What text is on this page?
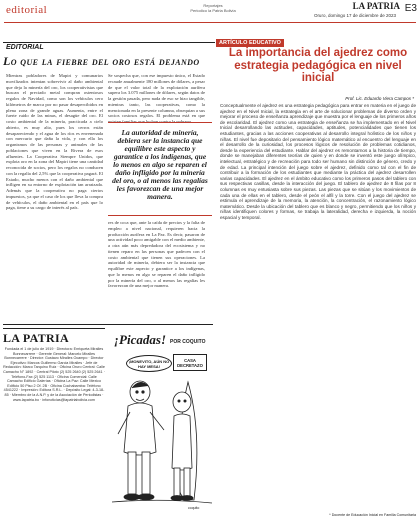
editorial	Reportajes
Periodico la Patria Bolivia	LA PATRIA
Oruro, domingo 17 de diciembre de 2023
E3
EDITORIAL
Lo que la fiebre del oro está dejando
Mientras pobladores de Mapiri y comunarios movilizados intentan sobrevivir al daño ambiental que deja la minería del oro, los cooperativistas que buscan el preciado metal compran ostentosos regalos de Navidad, como son los vehículos cero kilómetros de marca por no pasar desapercibidos en plena zona de grande aguas. Aumenta, entre el fuerte ruido de las minas, el desagüe del oro. El costo ambiental de la minería, practicada a cielo abierto, es muy alto, pues los cerros están desapareciendo y el agua de los ríos es envenenada con mercurio que daña la vida, y con ella los organismos de las personas y animales de las poblaciones que viven en la Rivera de esos afluentes. La Cooperativa Siempre Unidos, que explota oro en la zona del Mapiri tiene una cantidad reconocida de socios, pero los regalos no conducen con la regalía del 2,5% que la cooperativa pagará. El Estado, mucho menos con el daño ambiental que infligen en su entorno de explotación tan arraizada. Además que la cooperativa no paga ciertos impuestos, ya que el caso de los que lleva la compra de vehículos, el daño ambiental en el país que lo paga, tiene a su cargo de interés al país.
Se sospecha que, con ese impuesto único, el Estado recaude anualmente 180 millones de dólares, a pesar de que el valor total de la explotación aurífera supera los 3.075 millones de dólares, según datos de la gestión pasada, pero nada de eso se hizo tangible, mientras tanto, las cooperativas, como la mencionada en la presente columna, obsequian a sus socios costosos regalos. El problema está en que
La autoridad de minería, debiera ser la instancia que equilibre este aspecto y garantice a los indígenas, que lo menos en algo se reparen el daño infligido por la minería del oro, o al menos las regalías les favorezcan de una mejor manera.
res de coca que, ante la caída de precios y la falta de empleo a nivel nacional, requieren hacia la producción aurífera en La Paz. Es decir, pasaron de una actividad poco amigable con el medio ambiente, a otra aún más depredadora del ecosistema y no tienen reparo en las personas que padecen con el costo ambiental que tienen sus operaciones. La autoridad de minería, debiera ser la instancia que equilibre este aspecto y garantice a los indígenas, que lo menos en algo se reparen el daño infligido por la minería del oro, o al menos las regalías les favorezcan de una mejor manera.
ARTÍCULO EDUCATIVO
La importancia del ajedrez como estrategia pedagógica en nivel inicial
Prof. Lic. Eduardo Viera Campos *
Conceptualmente el ajedrez es una estrategia pedagógica para entrar en materia en el juego de ajedrez en el Nivel Inicial, la estrategia en el arte de solucionar problemas de diverso orden y mejorar el proceso de enseñanza aprendizaje que muestra por el lenguaje de los primeros años de escolaridad. El ajedrez como una estrategia de enseñanza se ha implementado en el Nivel Inicial desarrollando las actitudes, capacidades, aptitudes, potencialidades que tienen los estudiantes, gracias a las acciones cooperativas al desarrollo integral holístico de los niños y niñas. El nivel fue depositario del pensamiento lógico matemático al encuentro del lenguaje en el desarrollo de la curiosidad, los procesos lógicos de resolución de problemas cotidianos, desde la experiencia del estudiante. Hablar del ajedrez es remontarnos a la historia de tiempo, donde se manejaban diferentes teorías de quien y en donde se inventó este juego olímpico, intelectual, estratégico y de recreación para todo ser humano sin distinción de género, credo y de edad. La principal intención del juego sobre el ajedrez, definido como tal con el fin de contribuir a la formación de los estudiantes que mediante la práctica del ajedrez desarrollen varias capacidades. El ajedrez en el ámbito educativo como los primeros pasos del tablero con sus respectivas casillas, desde la interacción del juego. El tablero de ajedrez de 8 filas por 8 columnas es muy entusiasta sobre sus piezas. Las piezas que se sitúan y los movimientos de cada una de ellas en el tablero, desde el peón el alfil y la torre. Con el juego del ajedrez se estimula el aprendizaje de la memoria, la atención, la concentración, el razonamiento lógico matemático. Desde la ubicación del tablero que es blanco y negro, permitiendo que los niños y niñas identifiquen colores y formas, se trabaja la lateralidad, derecha e izquierda, la noción espacial y temporal.
* Docente de Educación Inicial en Familia Comunitaria
LA PATRIA
Fundada el 1 de julio de 1919 · Directora: Enriqueta Miralles Bonnecarrere · Gerente General: Marcelo Miralles Bonnecarrere · Director: Gustavo Miralles Ocampo · Director Ejecutivo: Marcos Guillermo Garcia Miralles · Jefe de Redacción: Marco Tarquino Ruiz · Oficina Oruro Central: Calle Camacho N° 1892 · Central Piloto (2) 525 2640 (2) 525 2641 · Teléfono-Fax (2) 525 1113 · Oficina Comercial: Calle Camacho Edificio Galerías · Oficina La Paz: Calle Mexico Edificio 50 Piso 2 Of. 2B · Oficina Cochabamba: Teléfono 4541222 · Impresión: Editora S.R.L. · Depósito Legal: 4-3-18-85 · Miembro de la A.N.P. y de la Asociación de Periodistas · www.lapatria.bo · infonoticias@lapatriabolivia.com
¡Picadas! POR COQUITO
¡MONEVITO, AÚN NO HAY MESA!
CASA DECRETAZO
coquito
